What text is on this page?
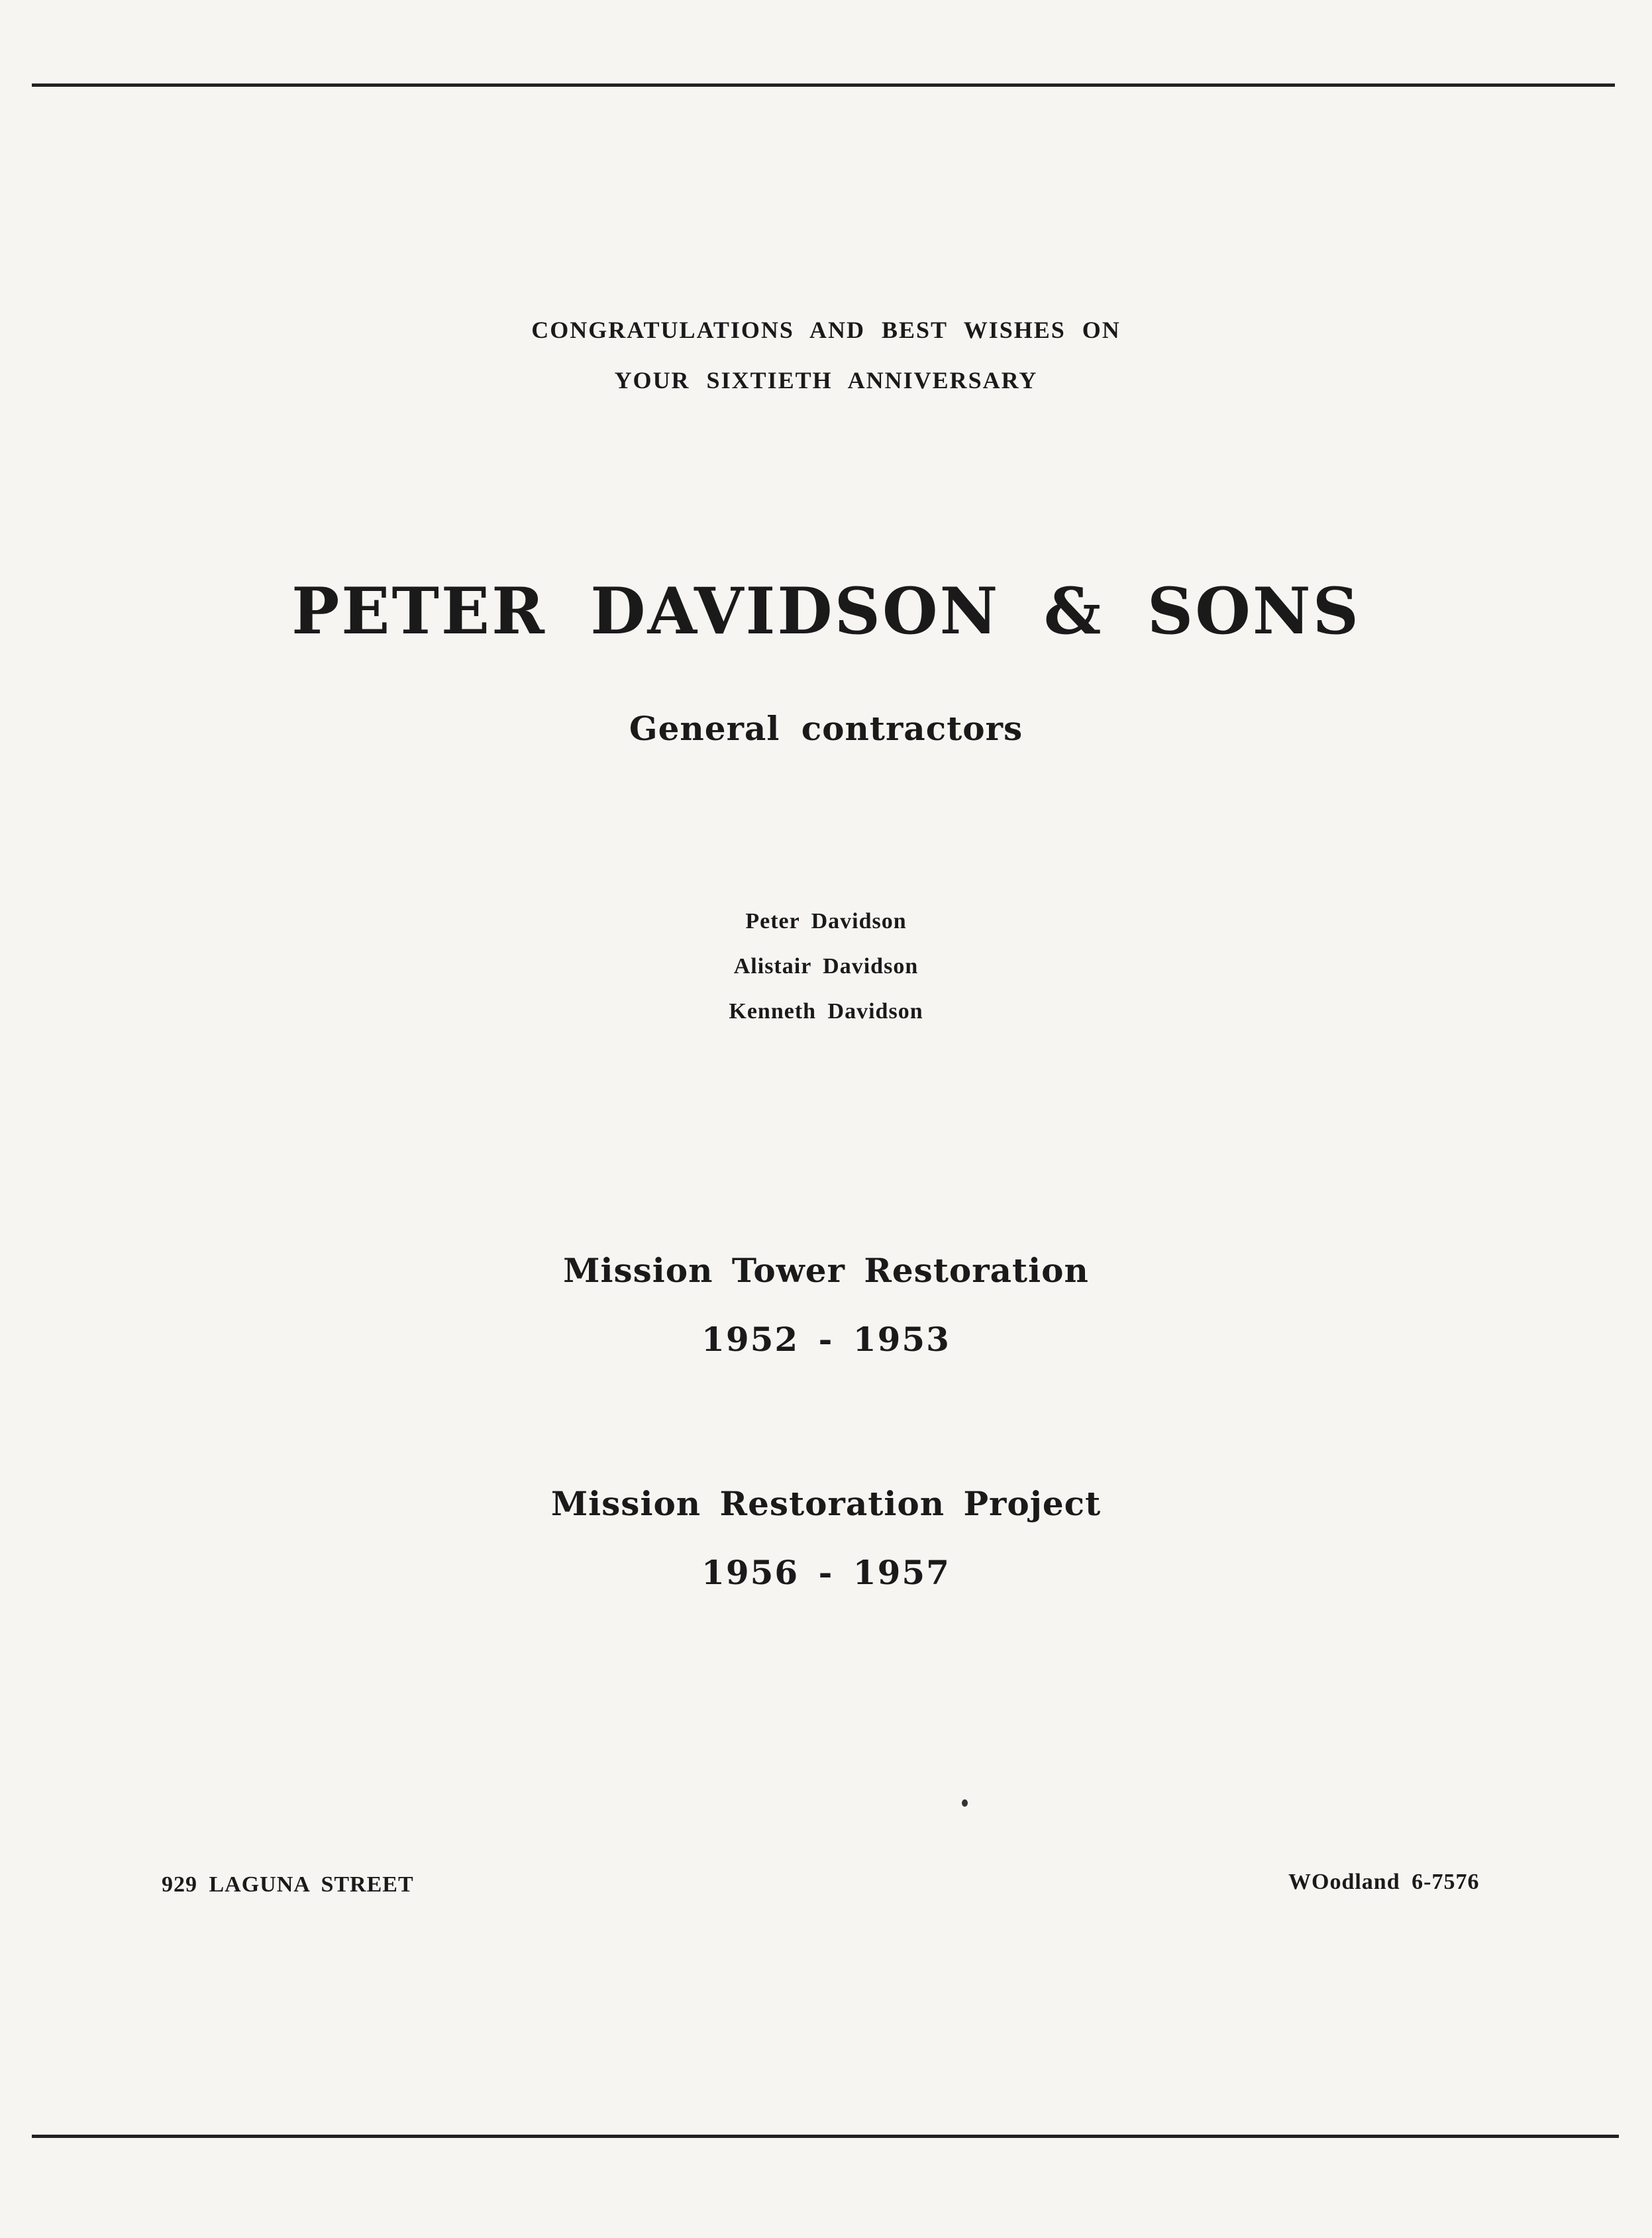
CONGRATULATIONS AND BEST WISHES ON
YOUR SIXTIETH ANNIVERSARY
PETER DAVIDSON & SONS
General contractors
Peter Davidson
Alistair Davidson
Kenneth Davidson
Mission Tower Restoration
1952 - 1953
Mission Restoration Project
1956 - 1957
929 LAGUNA STREET	WOodland 6-7576
